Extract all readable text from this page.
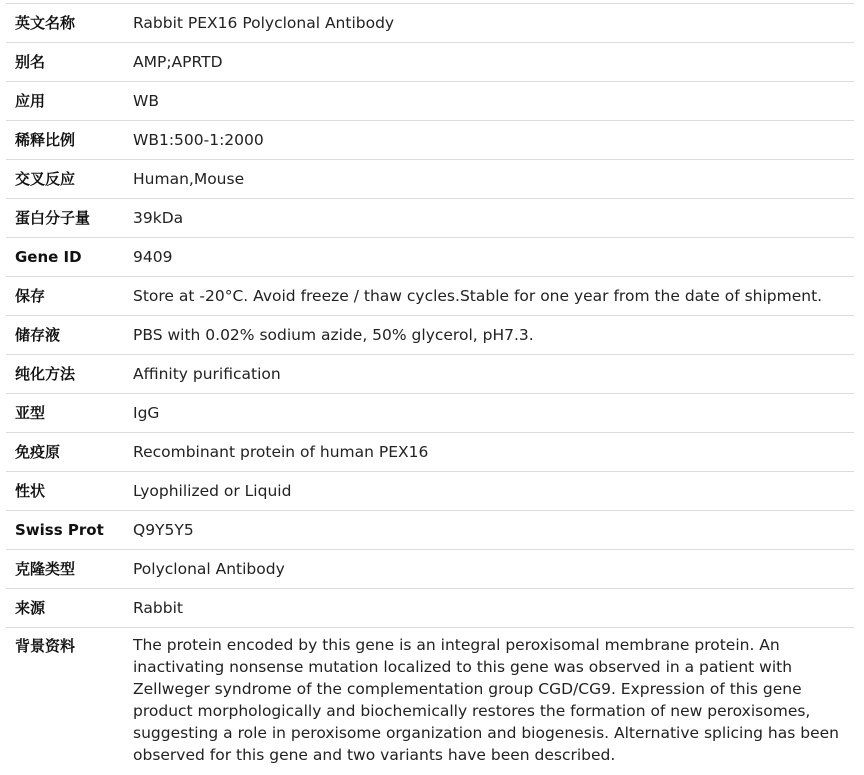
英文名称	Rabbit PEX16 Polyclonal Antibody
别名	AMP;APRTD
应用	WB
稀释比例	WB1:500-1:2000
交叉反应	Human,Mouse
蛋白分子量	39kDa
Gene ID	9409
保存	Store at -20°C. Avoid freeze / thaw cycles.Stable for one year from the date of shipment.
储存液	PBS with 0.02% sodium azide, 50% glycerol, pH7.3.
纯化方法	Affinity purification
亚型	IgG
免疫原	Recombinant protein of human PEX16
性状	Lyophilized or Liquid
Swiss Prot	Q9Y5Y5
克隆类型	Polyclonal Antibody
来源	Rabbit
背景资料	The protein encoded by this gene is an integral peroxisomal membrane protein. An inactivating nonsense mutation localized to this gene was observed in a patient with Zellweger syndrome of the complementation group CGD/CG9. Expression of this gene product morphologically and biochemically restores the formation of new peroxisomes, suggesting a role in peroxisome organization and biogenesis. Alternative splicing has been observed for this gene and two variants have been described.
